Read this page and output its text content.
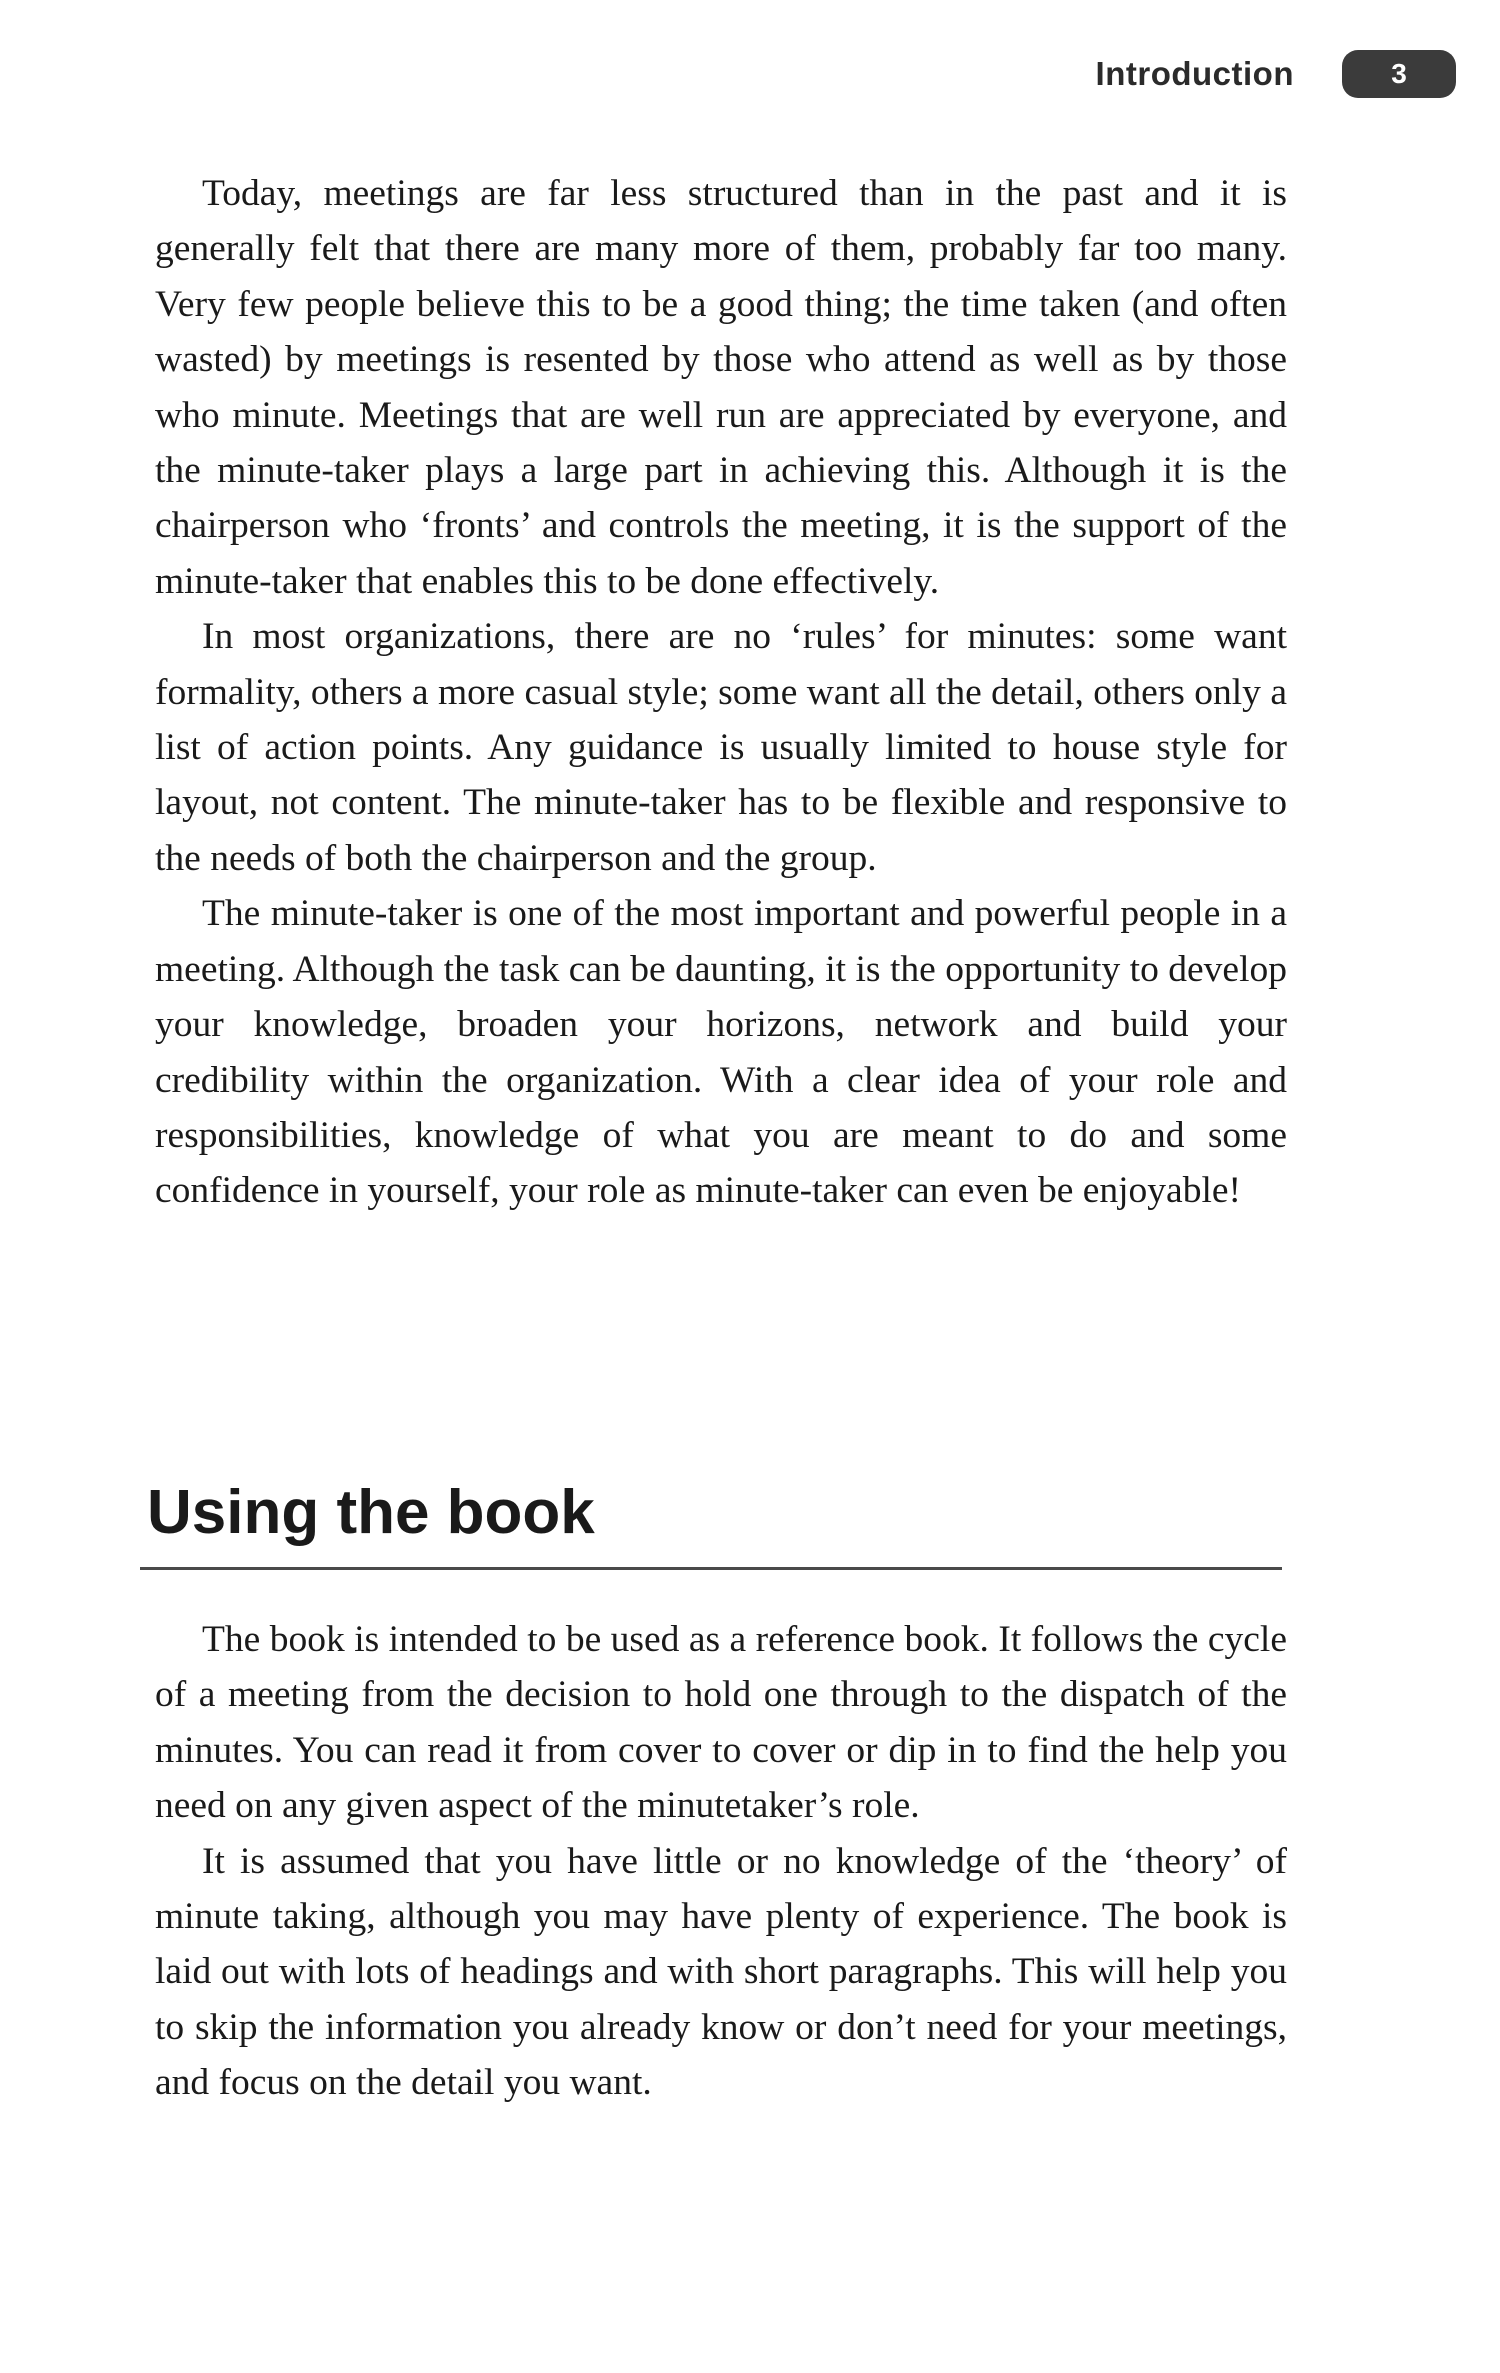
Introduction	3

Today, meetings are far less structured than in the past and it is generally felt that there are many more of them, probably far too many. Very few people believe this to be a good thing; the time taken (and often wasted) by meetings is resented by those who attend as well as by those who minute. Meetings that are well run are appreciated by everyone, and the minute-taker plays a large part in achieving this. Although it is the chairperson who ‘fronts’ and controls the meeting, it is the support of the minute-taker that enables this to be done effectively.

In most organizations, there are no ‘rules’ for minutes: some want formality, others a more casual style; some want all the detail, others only a list of action points. Any guidance is usually limited to house style for layout, not content. The minute-taker has to be flexible and responsive to the needs of both the chairperson and the group.

The minute-taker is one of the most important and powerful people in a meeting. Although the task can be daunting, it is the opportunity to develop your knowledge, broaden your horizons, network and build your credibility within the organization. With a clear idea of your role and responsibilities, knowledge of what you are meant to do and some confidence in yourself, your role as minute-taker can even be enjoyable!

Using the book

The book is intended to be used as a reference book. It follows the cycle of a meeting from the decision to hold one through to the dispatch of the minutes. You can read it from cover to cover or dip in to find the help you need on any given aspect of the minutetaker’s role.

It is assumed that you have little or no knowledge of the ‘theory’ of minute taking, although you may have plenty of experience. The book is laid out with lots of headings and with short paragraphs. This will help you to skip the information you already know or don’t need for your meetings, and focus on the detail you want.
